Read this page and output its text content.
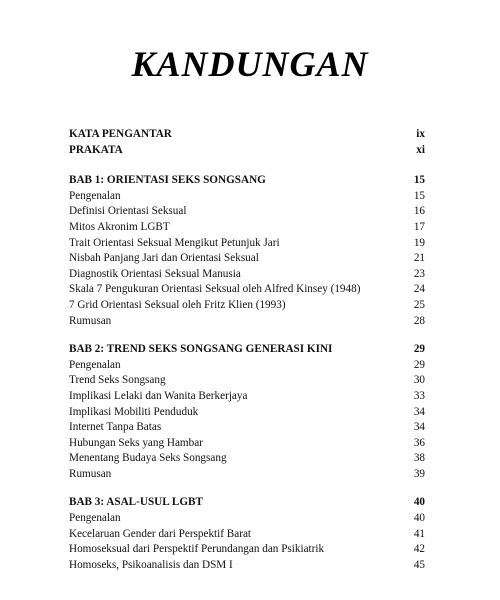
KANDUNGAN
KATA PENGANTAR	ix
PRAKATA	xi
BAB 1: ORIENTASI SEKS SONGSANG	15
Pengenalan	15
Definisi Orientasi Seksual	16
Mitos Akronim LGBT	17
Trait Orientasi Seksual Mengikut Petunjuk Jari	19
Nisbah Panjang Jari dan Orientasi Seksual	21
Diagnostik Orientasi Seksual Manusia	23
Skala 7 Pengukuran Orientasi Seksual oleh Alfred Kinsey (1948)	24
7 Grid Orientasi Seksual oleh Fritz Klien (1993)	25
Rumusan	28
BAB 2: TREND SEKS SONGSANG GENERASI KINI	29
Pengenalan	29
Trend Seks Songsang	30
Implikasi Lelaki dan Wanita Berkerjaya	33
Implikasi Mobiliti Penduduk	34
Internet Tanpa Batas	34
Hubungan Seks yang Hambar	36
Menentang Budaya Seks Songsang	38
Rumusan	39
BAB 3: ASAL-USUL LGBT	40
Pengenalan	40
Kecelaruan Gender dari Perspektif Barat	41
Homoseksual dari Perspektif Perundangan dan Psikiatrik	42
Homoseks, Psikoanalisis dan DSM I	45
